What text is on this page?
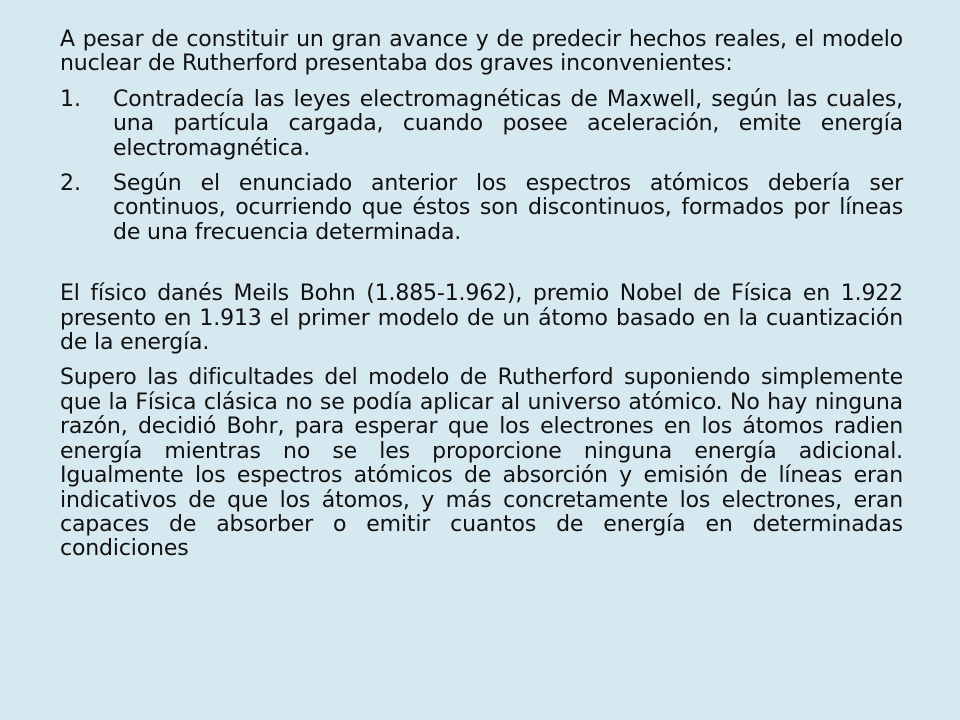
A pesar de constituir un gran avance y de predecir hechos reales, el modelo nuclear de Rutherford presentaba dos graves inconvenientes:

1.	Contradecía las leyes electromagnéticas de Maxwell, según las cuales, una partícula cargada, cuando posee aceleración, emite energía electromagnética.
2.	Según el enunciado anterior los espectros atómicos debería ser continuos, ocurriendo que éstos son discontinuos, formados por líneas de una frecuencia determinada.

El físico danés Meils Bohn (1.885-1.962), premio Nobel de Física en 1.922 presento en 1.913 el primer modelo de un átomo basado en la cuantización de la energía.

Supero las dificultades del modelo de Rutherford suponiendo simplemente que la Física clásica no se podía aplicar al universo atómico. No hay ninguna razón, decidió Bohr, para esperar que los electrones en los átomos radien energía mientras no se les proporcione ninguna energía adicional. Igualmente los espectros atómicos de absorción y emisión de líneas eran indicativos de que los átomos, y más concretamente los electrones, eran capaces de absorber o emitir cuantos de energía en determinadas condiciones
